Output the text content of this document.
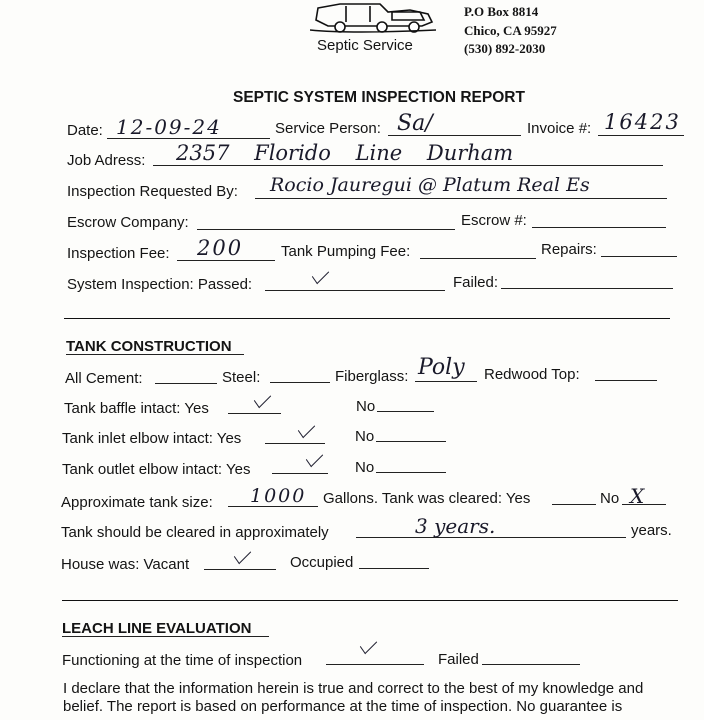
Septic Service
P.O Box 8814
Chico, CA 95927
(530) 892-2030
SEPTIC SYSTEM INSPECTION REPORT
Date: 12-09-24	Service Person: Sa/	Invoice #: 16423
Job Adress: 2357 Florido Line Durham
Inspection Requested By: Rocio Jauregui @ Platum Real Es
Escrow Company:	Escrow #:
Inspection Fee: 200	Tank Pumping Fee:	Repairs:
System Inspection: Passed:	Failed:
TANK CONSTRUCTION
All Cement:	Steel:	Fiberglass: Poly Redwood Top:
Tank baffle intact: Yes	No
Tank inlet elbow intact: Yes	No
Tank outlet elbow intact: Yes	No
Approximate tank size: 1000 Gallons. Tank was cleared: Yes	No X
Tank should be cleared in approximately	3 years.	years.
House was: Vacant	Occupied
LEACH LINE EVALUATION
Functioning at the time of inspection	Failed
I declare that the information herein is true and correct to the best of my knowledge and
belief. The report is based on performance at the time of inspection. No guarantee is
